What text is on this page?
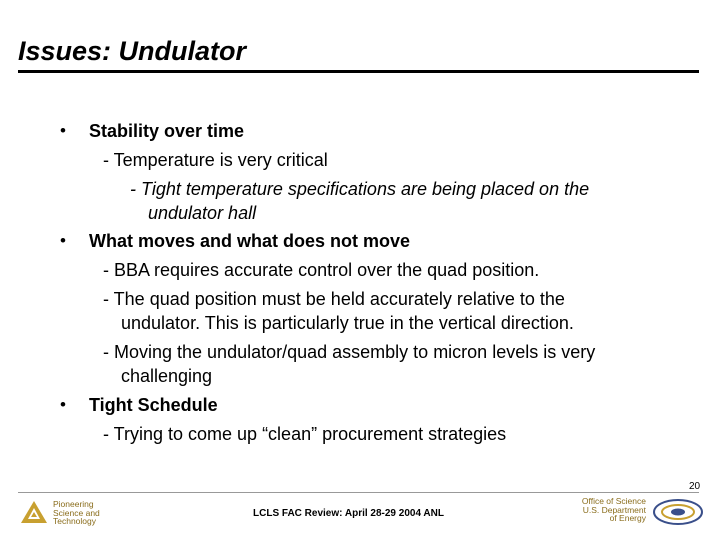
Issues: Undulator
• Stability over time
- Temperature is very critical
- Tight temperature specifications are being placed on the
undulator hall
• What moves and what does not move
- BBA requires accurate control over the quad position.
- The quad position must be held accurately relative to the
undulator. This is particularly true in the vertical direction.
- Moving the undulator/quad assembly to micron levels is very
challenging
• Tight Schedule
- Trying to come up “clean” procurement strategies
20
Pioneering
Science and
Technology
LCLS FAC Review: April 28-29 2004 ANL
Office of Science
U.S. Department
of Energy
